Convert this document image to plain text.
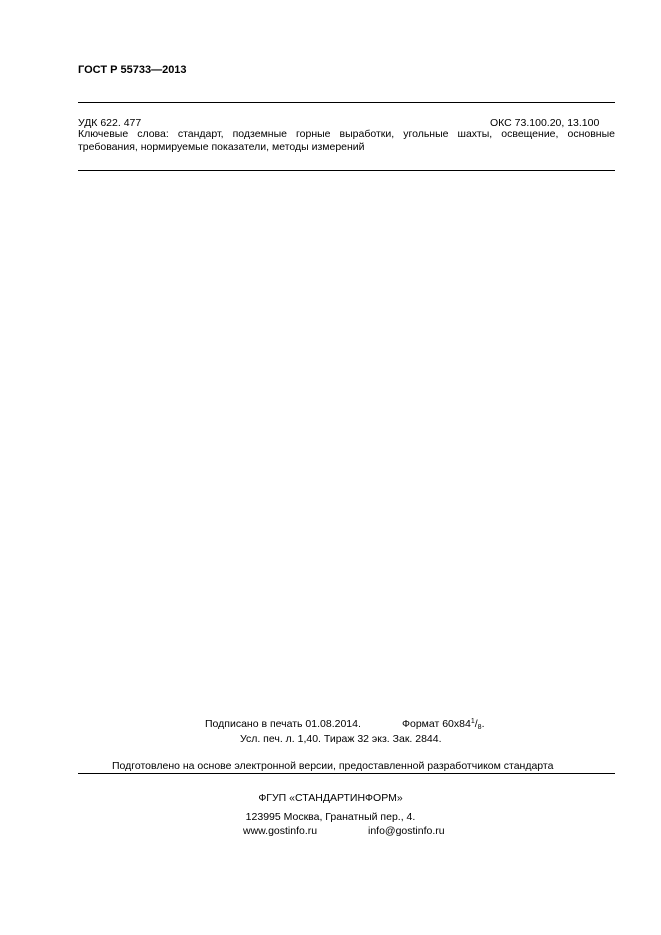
ГОСТ Р 55733—2013
УДК 622. 477	ОКС 73.100.20, 13.100
Ключевые слова: стандарт, подземные горные выработки, угольные шахты, освещение, основные
требования, нормируемые показатели, методы измерений
Подписано в печать 01.08.2014.	Формат $60x84^1/_8$.
Усл. печ. л. 1,40. Тираж 32 экз. Зак. 2844.
Подготовлено на основе электронной версии, предоставленной разработчиком стандарта
ФГУП «СТАНДАРТИНФОРМ»
123995 Москва, Гранатный пер., 4.
www.gostinfo.ru	info@gostinfo.ru
